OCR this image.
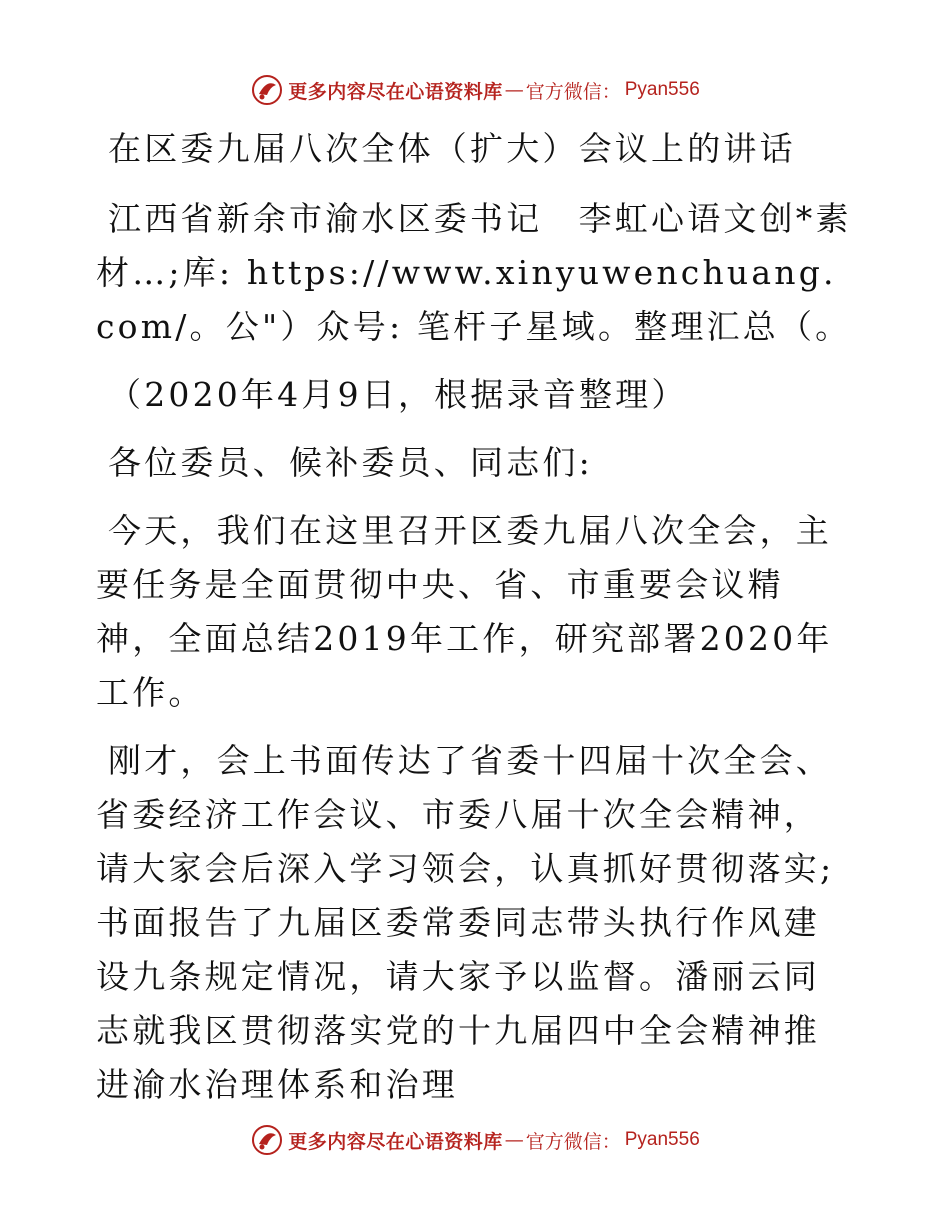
更多内容尽在心语资料库 — 官方微信： Pyan556

在区委九届八次全体（扩大）会议上的讲话

江西省新余市渝水区委书记　李虹心语文创*素材…;库: https://www.xinyuwenchuang.com/。公"）众号: 笔杆子星域。整理汇总（。

（2020年4月9日，根据录音整理）

各位委员、候补委员、同志们:

今天，我们在这里召开区委九届八次全会，主要任务是全面贯彻中央、省、市重要会议精神，全面总结2019年工作，研究部署2020年工作。

刚才，会上书面传达了省委十四届十次全会、省委经济工作会议、市委八届十次全会精神，请大家会后深入学习领会，认真抓好贯彻落实; 书面报告了九届区委常委同志带头执行作风建设九条规定情况，请大家予以监督。潘丽云同志就我区贯彻落实党的十九届四中全会精神推进渝水治理体系和治理

更多内容尽在心语资料库 — 官方微信： Pyan556
